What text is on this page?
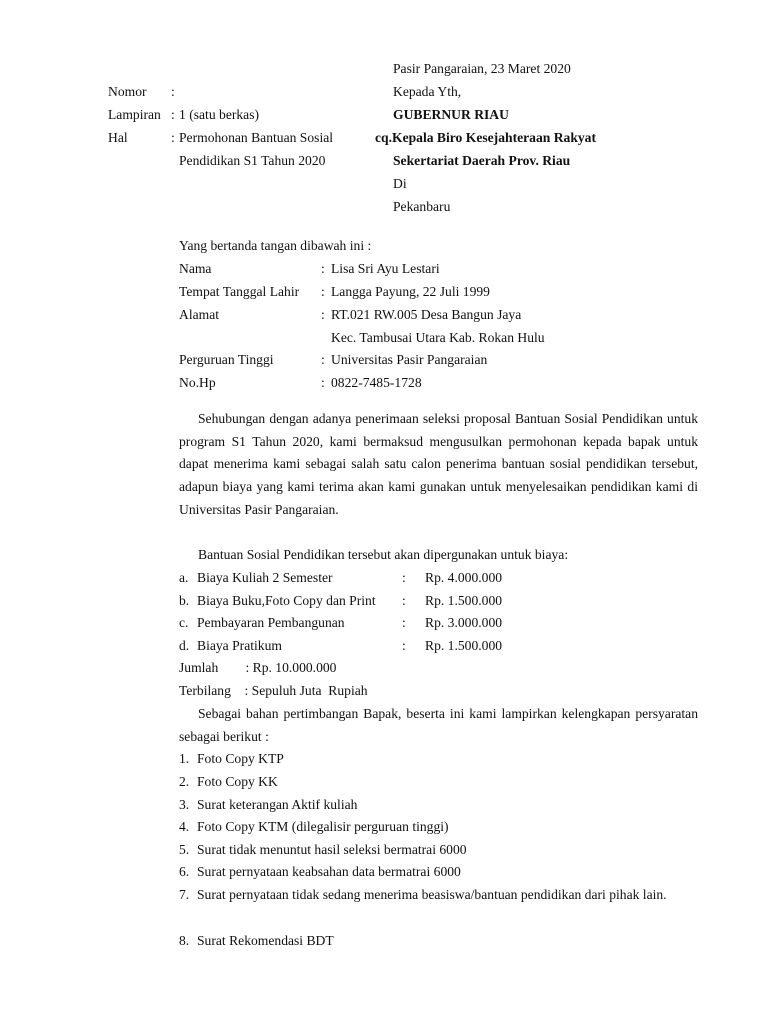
Nomor :
Lampiran : 1 (satu berkas)
Hal	: Permohonan Bantuan Sosial
Pendidikan S1 Tahun 2020
Pasir Pangaraian, 23 Maret 2020
Kepada Yth,
GUBERNUR RIAU
cq.Kepala Biro Kesejahteraan Rakyat
Sekertariat Daerah Prov. Riau
Di
Pekanbaru
Yang bertanda tangan dibawah ini :
Nama	: Lisa Sri Ayu Lestari
Tempat Tanggal Lahir : Langga Payung, 22 Juli 1999
Alamat	: RT.021 RW.005 Desa Bangun Jaya
Kec. Tambusai Utara Kab. Rokan Hulu
Perguruan Tinggi	: Universitas Pasir Pangaraian
No.Hp	: 0822-7485-1728
Sehubungan dengan adanya penerimaan seleksi proposal Bantuan Sosial Pendidikan untuk program S1 Tahun 2020, kami bermaksud mengusulkan permohonan kepada bapak untuk dapat menerima kami sebagai salah satu calon penerima bantuan sosial pendidikan tersebut, adapun biaya yang kami terima akan kami gunakan untuk menyelesaikan pendidikan kami di Universitas Pasir Pangaraian.
Bantuan Sosial Pendidikan tersebut akan dipergunakan untuk biaya:
a. Biaya Kuliah 2 Semester	: Rp. 4.000.000
b. Biaya Buku,Foto Copy dan Print : Rp. 1.500.000
c. Pembayaran Pembangunan	: Rp. 3.000.000
d. Biaya Pratikum	: Rp. 1.500.000
Jumlah        : Rp. 10.000.000
Terbilang    : Sepuluh Juta  Rupiah
Sebagai bahan pertimbangan Bapak, beserta ini kami lampirkan kelengkapan persyaratan sebagai berikut :
1. Foto Copy KTP
2. Foto Copy KK
3. Surat keterangan Aktif kuliah
4. Foto Copy KTM (dilegalisir perguruan tinggi)
5. Surat tidak menuntut hasil seleksi bermatrai 6000
6. Surat pernyataan keabsahan data bermatrai 6000
7. Surat pernyataan tidak sedang menerima beasiswa/bantuan pendidikan dari pihak lain.
8. Surat Rekomendasi BDT
